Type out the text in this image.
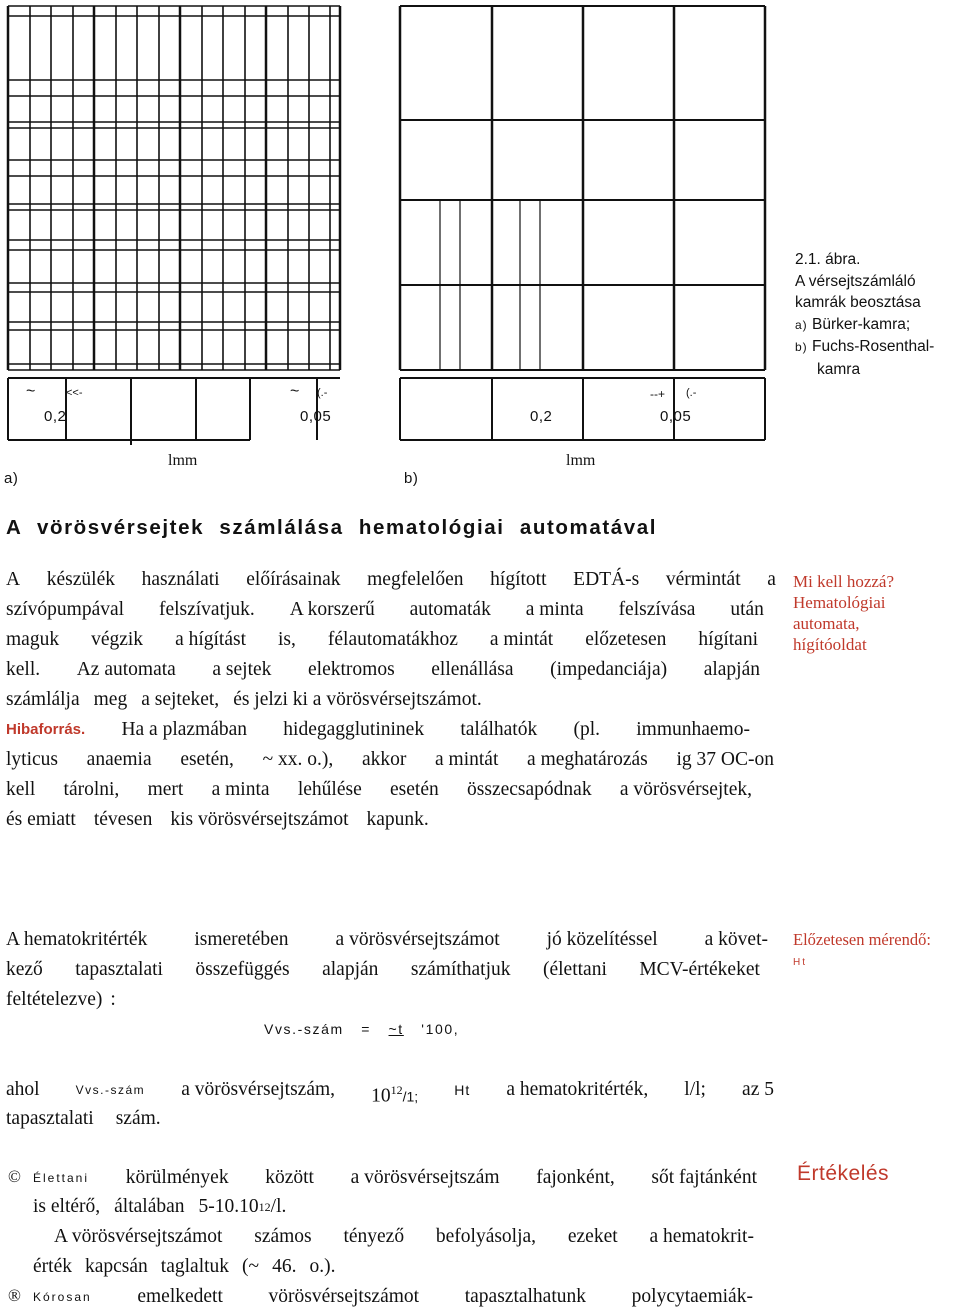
~	<<-	~ (.-
0,2	0,05
lmm
a)
--+ (.-
0,2	0,05
lmm
b)
2.1. ábra.
A vérsejtszámláló
kamrák beosztása
a) Bürker-kamra;
b) Fuchs-Rosenthal-
kamra
A vörösvérsejtek számlálása hematológiai automatával
A készülék használati előírásainak megfelelően hígított EDTÁ-s vérmintát a
szívópumpával felszívatjuk. A korszerű automaták a minta felszívása után
maguk végzik a hígítást is, félautomatákhoz a mintát előzetesen hígítani
kell. Az automata a sejtek elektromos ellenállása (impedanciája) alapján
számlálja meg a sejteket, és jelzi ki a vörösvérsejtszámot.
Hibaforrás. Ha a plazmában hidegagglutininek találhatók (pl. immunhaemo-
lyticus anaemia esetén, ~ xx. o.), akkor a mintát a meghatározás ig 37 OC-on
kell tárolni, mert a minta lehűlése esetén összecsapódnak a vörösvérsejtek,
és emiatt tévesen kis vörösvérsejtszámot kapunk.
Mi kell hozzá?
Hematológiai
automata,
hígítóoldat
A hematokritérték ismeretében a vörösvérsejtszámot jó közelítéssel a követ-
kező tapasztalati összefüggés alapján számíthatjuk (élettani MCV-értékeket
feltételezve) :
Előzetesen mérendő:
Ht
Vvs.-szám = ~t '100,
ahol	Vvs.-szám a vörösvérsejtszám, $10^{12}/1$;	Ht a hematokritérték, l/l; az 5
tapasztalati szám.
© Élettani körülmények között a vörösvérsejtszám fajonként, sőt fajtánként
is eltérő, általában 5-10 .10 12 /l.
A vörösvérsejtszámot számos tényező befolyásolja, ezeket a hematokrit-
érték kapcsán taglaltuk (~ 46. o.).
® Kórosan emelkedett vörösvérsejtszámot tapasztalhatunk polycytaemiák-
Értékelés
